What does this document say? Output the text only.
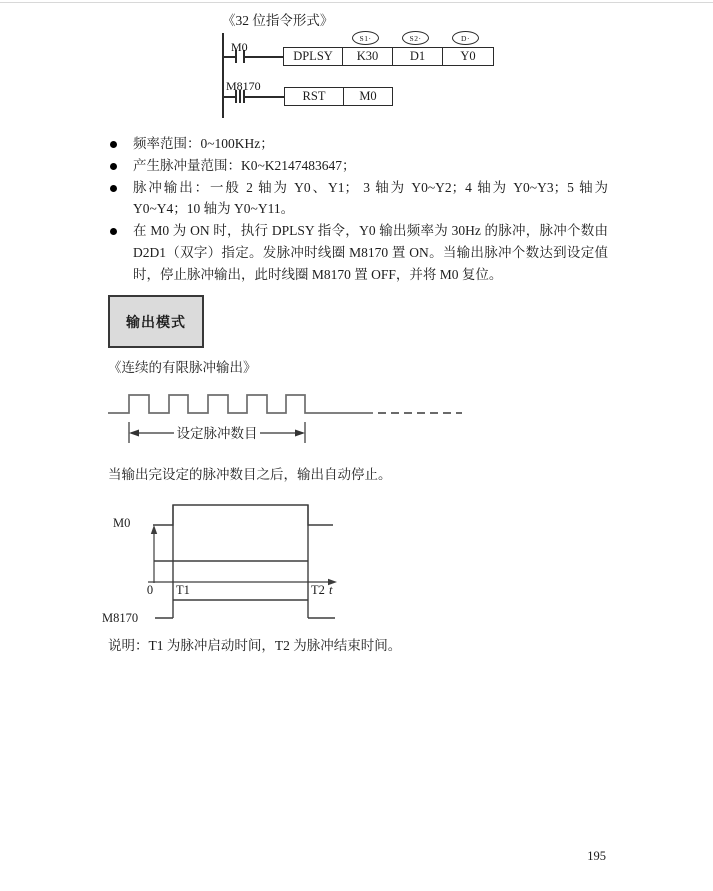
《32 位指令形式》
M0
S1·	S2·	D·
DPLSY	K30	D1	Y0
M8170
RST	M0
频率范围：0~100KHz；
产生脉冲量范围：K0~K2147483647；
脉冲输出：一般 2 轴为 Y0、Y1； 3 轴为 Y0~Y2；4 轴为 Y0~Y3；5 轴为 Y0~Y4；10 轴为 Y0~Y11。
在 M0 为 ON 时，执行 DPLSY 指令，Y0 输出频率为 30Hz 的脉冲，脉冲个数由 D2D1（双字）指定。发脉冲时线圈 M8170 置 ON。当输出脉冲个数达到设定值时，停止脉冲输出，此时线圈 M8170 置 OFF，并将 M0 复位。
输出模式
《连续的有限脉冲输出》
设定脉冲数目
当输出完设定的脉冲数目之后，输出自动停止。
M0
0 T1	T2 t
M8170
说明：T1 为脉冲启动时间，T2 为脉冲结束时间。
195
